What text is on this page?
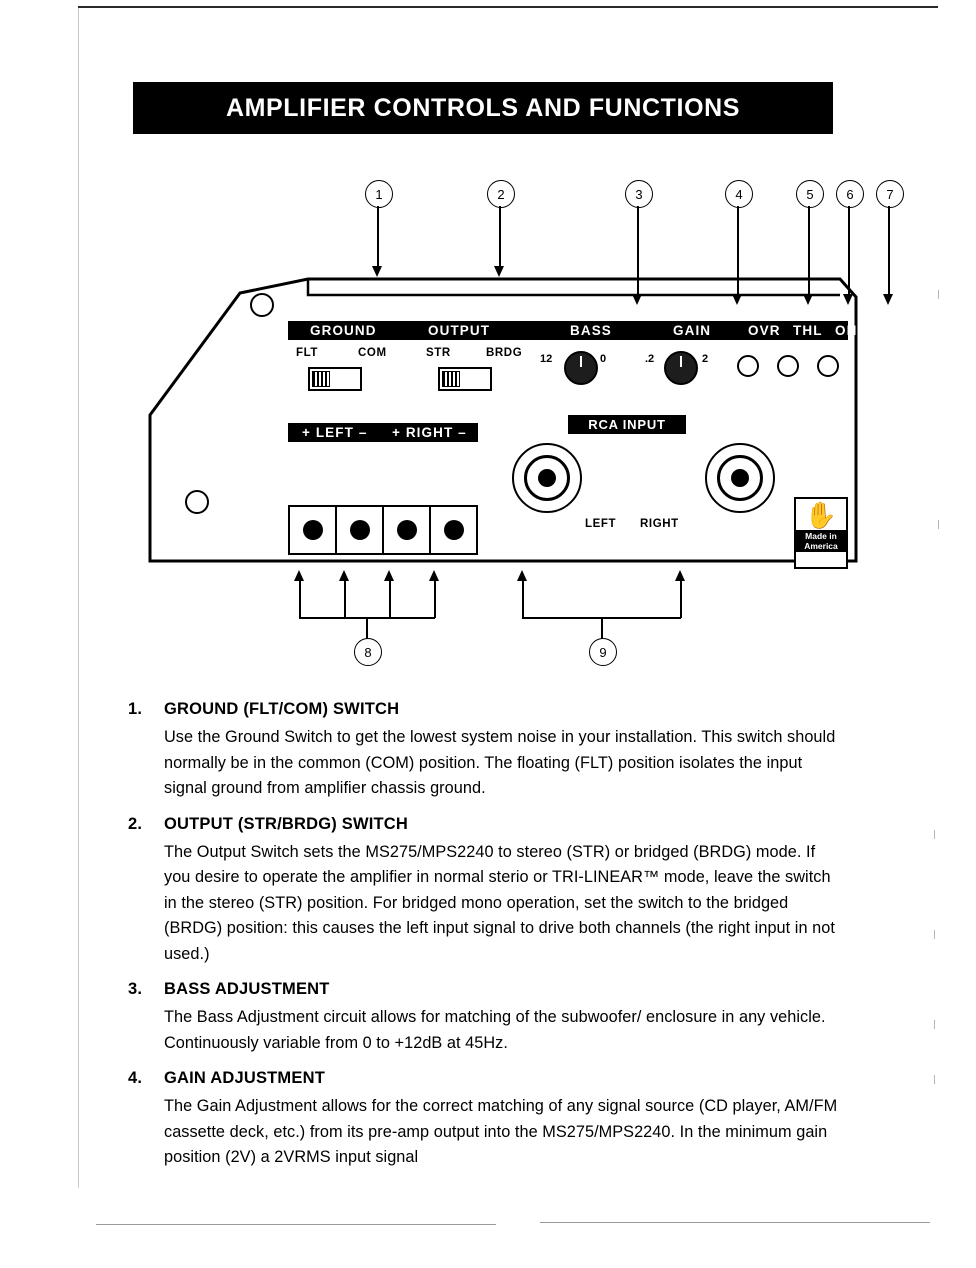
AMPLIFIER CONTROLS AND FUNCTIONS
1	2	3	4	5	6	7
GROUND	OUTPUT	BASS	GAIN	OVR THL ON
FLT	COM	STR	BRDG 12	0	.2	2
+ LEFT – + RIGHT –
RCA INPUT
LEFT RIGHT	✋
Made in
America
8	9
1.	GROUND (FLT/COM) SWITCH
Use the Ground Switch to get the lowest system noise in your installation. This switch should normally be in the common (COM) position. The floating (FLT) position isolates the input signal ground from amplifier chassis ground.
2.	OUTPUT (STR/BRDG) SWITCH
The Output Switch sets the MS275/MPS2240 to stereo (STR) or bridged (BRDG) mode. If you desire to operate the amplifier in normal sterio or TRI-LINEAR™ mode, leave the switch in the stereo (STR) position. For bridged mono operation, set the switch to the bridged (BRDG) position: this causes the left input signal to drive both channels (the right input in not used.)
3.	BASS ADJUSTMENT
The Bass Adjustment circuit allows for matching of the subwoofer/ enclosure in any vehicle. Continuously variable from 0 to +12dB at 45Hz.
4.	GAIN ADJUSTMENT
The Gain Adjustment allows for the correct matching of any signal source (CD player, AM/FM cassette deck, etc.) from its pre-amp output into the MS275/MPS2240. In the minimum gain position (2V) a 2VRMS input signal
